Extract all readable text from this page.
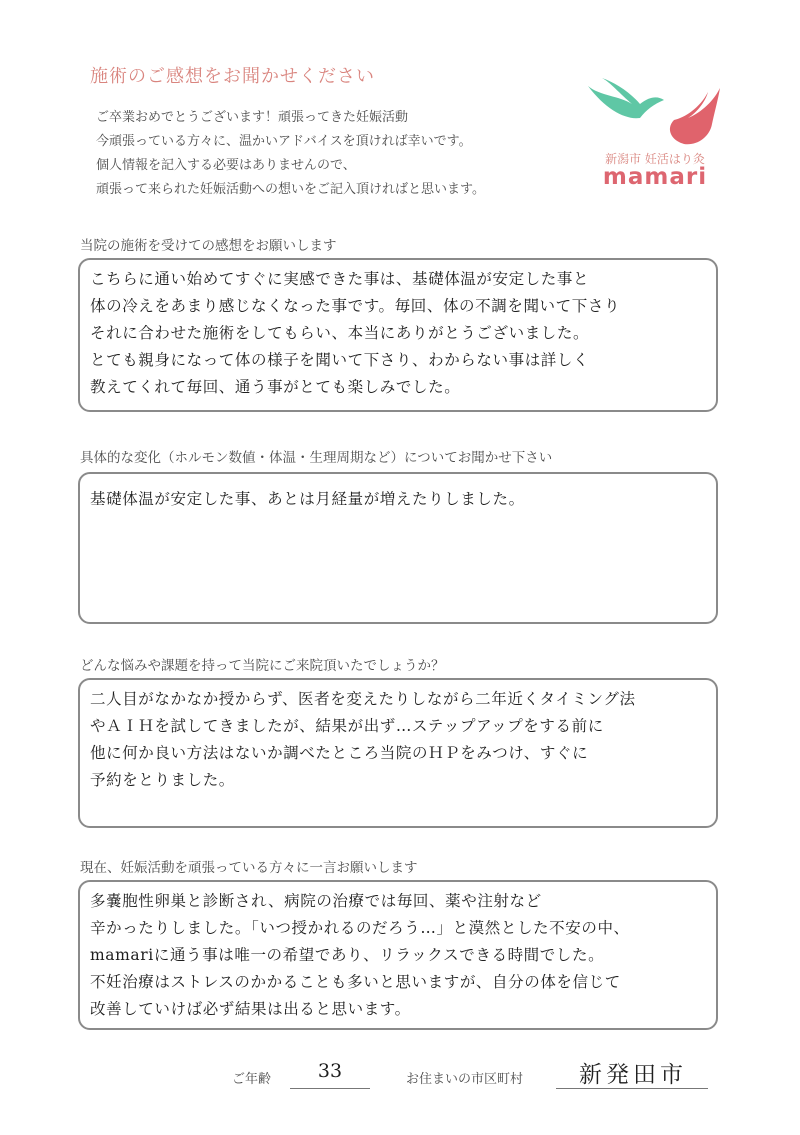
施術のご感想をお聞かせください
ご卒業おめでとうございます！頑張ってきた妊娠活動
今頑張っている方々に、温かいアドバイスを頂ければ幸いです。
個人情報を記入する必要はありませんので、
頑張って来られた妊娠活動への想いをご記入頂ければと思います。
新潟市 妊活はり灸
mamari
当院の施術を受けての感想をお願いします
こちらに通い始めてすぐに実感できた事は、基礎体温が安定した事と
体の冷えをあまり感じなくなった事です。毎回、体の不調を聞いて下さり
それに合わせた施術をしてもらい、本当にありがとうございました。
とても親身になって体の様子を聞いて下さり、わからない事は詳しく
教えてくれて毎回、通う事がとても楽しみでした。
具体的な変化（ホルモン数値・体温・生理周期など）についてお聞かせ下さい
基礎体温が安定した事、あとは月経量が増えたりしました。
どんな悩みや課題を持って当院にご来院頂いたでしょうか？
二人目がなかなか授からず、医者を変えたりしながら二年近くタイミング法
やＡＩＨを試してきましたが、結果が出ず…ステップアップをする前に
他に何か良い方法はないか調べたところ当院のＨＰをみつけ、すぐに
予約をとりました。
現在、妊娠活動を頑張っている方々に一言お願いします
多嚢胞性卵巣と診断され、病院の治療では毎回、薬や注射など
辛かったりしました。「いつ授かれるのだろう…」と漠然とした不安の中、
mamariに通う事は唯一の希望であり、リラックスできる時間でした。
不妊治療はストレスのかかることも多いと思いますが、自分の体を信じて
改善していけば必ず結果は出ると思います。
ご年齢	33	お住まいの市区町村	新発田市
